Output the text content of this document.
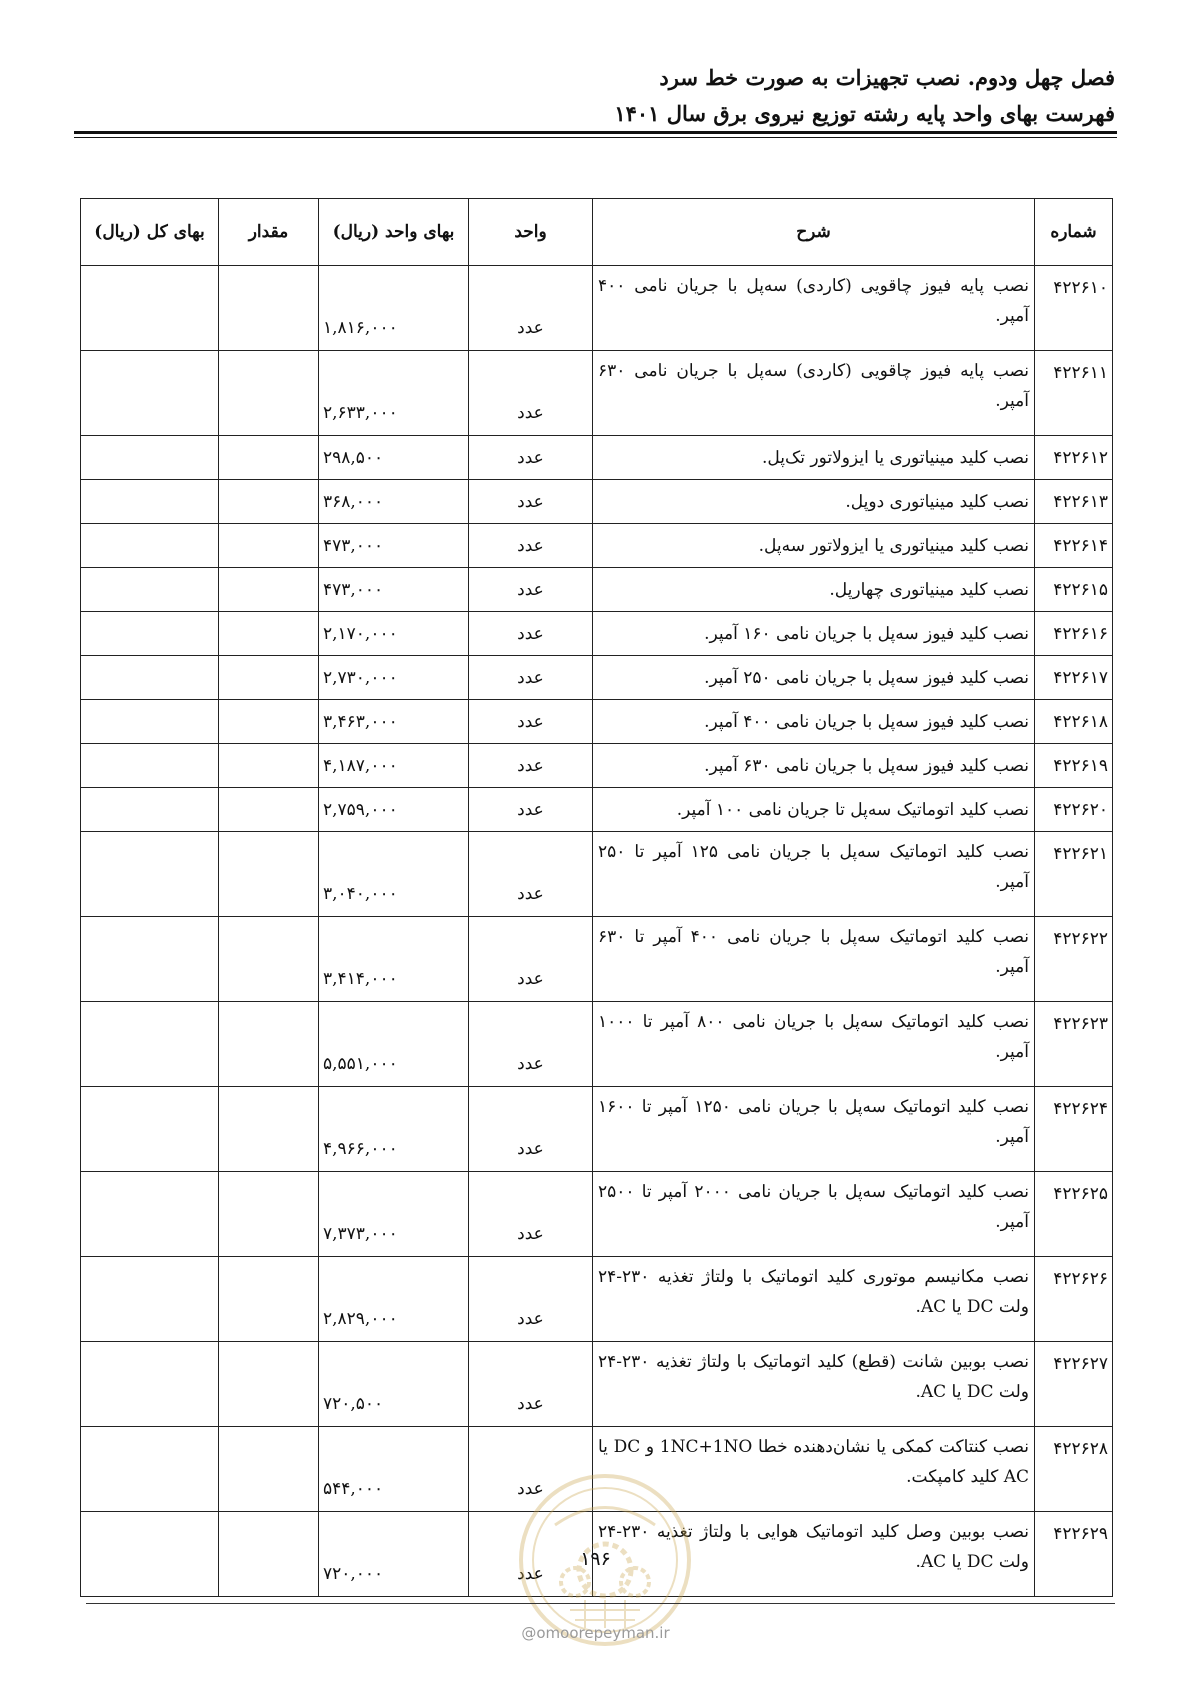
فصل چهل ودوم. نصب تجهیزات به صورت خط سرد
فهرست بهای واحد پایه رشته توزیع نیروی برق سال ۱۴۰۱
شماره	شرح	واحد	بهای واحد (ریال)	مقدار	بهای کل (ریال)
۴۲۲۶۱۰	نصب پایه فیوز چاقویی (کاردی) سه‌پل با جریان نامی ۴۰۰ آمپر.	عدد	۱,۸۱۶,۰۰۰		
۴۲۲۶۱۱	نصب پایه فیوز چاقویی (کاردی) سه‌پل با جریان نامی ۶۳۰ آمپر.	عدد	۲,۶۳۳,۰۰۰		
۴۲۲۶۱۲	نصب کلید مینیاتوری یا ایزولاتور تک‌پل.	عدد	۲۹۸,۵۰۰		
۴۲۲۶۱۳	نصب کلید مینیاتوری دوپل.	عدد	۳۶۸,۰۰۰		
۴۲۲۶۱۴	نصب کلید مینیاتوری یا ایزولاتور سه‌پل.	عدد	۴۷۳,۰۰۰		
۴۲۲۶۱۵	نصب کلید مینیاتوری چهارپل.	عدد	۴۷۳,۰۰۰		
۴۲۲۶۱۶	نصب کلید فیوز سه‌پل با جریان نامی ۱۶۰ آمپر.	عدد	۲,۱۷۰,۰۰۰		
۴۲۲۶۱۷	نصب کلید فیوز سه‌پل با جریان نامی ۲۵۰ آمپر.	عدد	۲,۷۳۰,۰۰۰		
۴۲۲۶۱۸	نصب کلید فیوز سه‌پل با جریان نامی ۴۰۰ آمپر.	عدد	۳,۴۶۳,۰۰۰		
۴۲۲۶۱۹	نصب کلید فیوز سه‌پل با جریان نامی ۶۳۰ آمپر.	عدد	۴,۱۸۷,۰۰۰		
۴۲۲۶۲۰	نصب کلید اتوماتیک سه‌پل تا جریان نامی ۱۰۰ آمپر.	عدد	۲,۷۵۹,۰۰۰		
۴۲۲۶۲۱	نصب کلید اتوماتیک سه‌پل با جریان نامی ۱۲۵ آمپر تا ۲۵۰ آمپر.	عدد	۳,۰۴۰,۰۰۰		
۴۲۲۶۲۲	نصب کلید اتوماتیک سه‌پل با جریان نامی ۴۰۰ آمپر تا ۶۳۰ آمپر.	عدد	۳,۴۱۴,۰۰۰		
۴۲۲۶۲۳	نصب کلید اتوماتیک سه‌پل با جریان نامی ۸۰۰ آمپر تا ۱۰۰۰ آمپر.	عدد	۵,۵۵۱,۰۰۰		
۴۲۲۶۲۴	نصب کلید اتوماتیک سه‌پل با جریان نامی ۱۲۵۰ آمپر تا ۱۶۰۰ آمپر.	عدد	۴,۹۶۶,۰۰۰		
۴۲۲۶۲۵	نصب کلید اتوماتیک سه‌پل با جریان نامی ۲۰۰۰ آمپر تا ۲۵۰۰ آمپر.	عدد	۷,۳۷۳,۰۰۰		
۴۲۲۶۲۶	نصب مکانیسم موتوری کلید اتوماتیک با ولتاژ تغذیه ۲۳۰-۲۴ ولت DC یا AC.	عدد	۲,۸۲۹,۰۰۰		
۴۲۲۶۲۷	نصب بوبین شانت (قطع) کلید اتوماتیک با ولتاژ تغذیه ۲۳۰-۲۴ ولت DC یا AC.	عدد	۷۲۰,۵۰۰		
۴۲۲۶۲۸	نصب کنتاکت کمکی یا نشان‌دهنده خطا 1NC+1NO و DC یا AC کلید کامپکت.	عدد	۵۴۴,۰۰۰		
۴۲۲۶۲۹	نصب بوبین وصل کلید اتوماتیک هوایی با ولتاژ تغذیه ۲۳۰-۲۴ ولت DC یا AC.	عدد	۷۲۰,۰۰۰		
۱۹۶
@omoorepeyman.ir
